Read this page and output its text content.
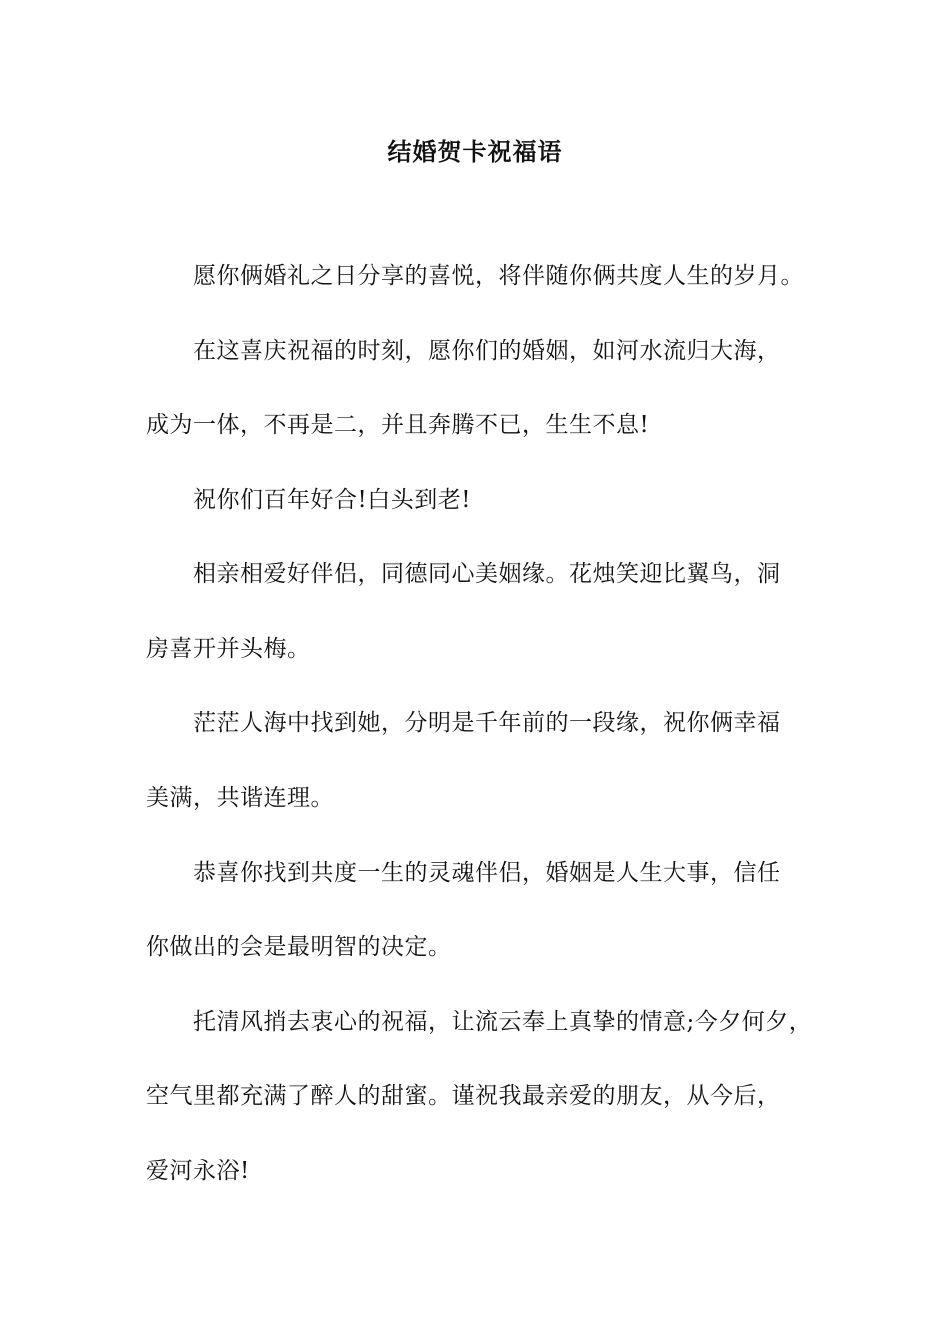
结婚贺卡祝福语
愿你俩婚礼之日分享的喜悦，将伴随你俩共度人生的岁月。
在这喜庆祝福的时刻，愿你们的婚姻，如河水流归大海，
成为一体，不再是二，并且奔腾不已，生生不息!
祝你们百年好合!白头到老!
相亲相爱好伴侣，同德同心美姻缘。花烛笑迎比翼鸟，洞
房喜开并头梅。
茫茫人海中找到她，分明是千年前的一段缘，祝你俩幸福
美满，共谐连理。
恭喜你找到共度一生的灵魂伴侣，婚姻是人生大事，信任
你做出的会是最明智的决定。
托清风捎去衷心的祝福，让流云奉上真挚的情意;今夕何夕，
空气里都充满了醉人的甜蜜。谨祝我最亲爱的朋友，从今后，
爱河永浴!
